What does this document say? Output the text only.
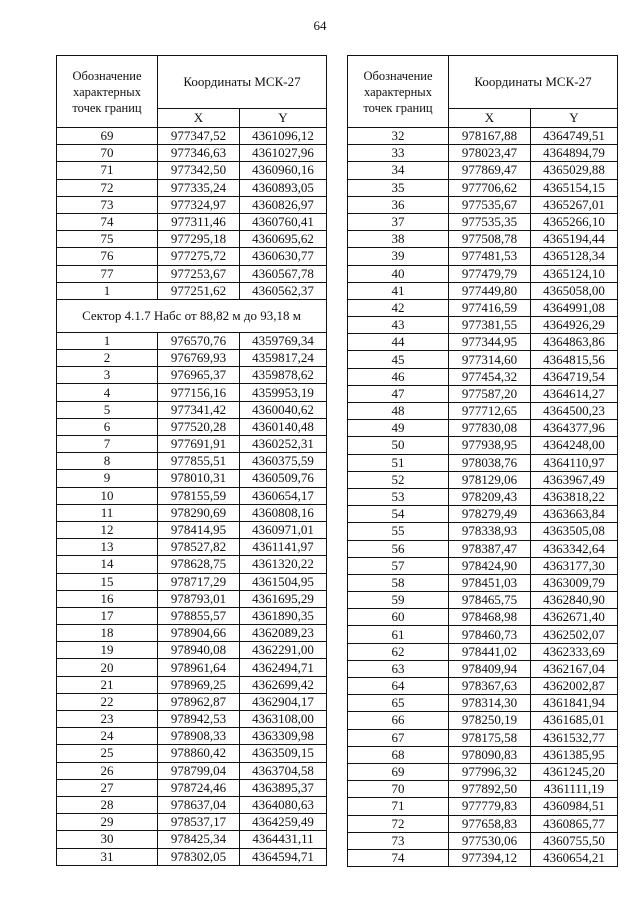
64
Обозначение характерных точек границ	Координаты МСК-27	
	X	Y
69	977347,52	4361096,12
70	977346,63	4361027,96
71	977342,50	4360960,16
72	977335,24	4360893,05
73	977324,97	4360826,97
74	977311,46	4360760,41
75	977295,18	4360695,62
76	977275,72	4360630,77
77	977253,67	4360567,78
1	977251,62	4360562,37
Сектор 4.1.7 Набс от 88,82 м до 93,18 м		
1	976570,76	4359769,34
2	976769,93	4359817,24
3	976965,37	4359878,62
4	977156,16	4359953,19
5	977341,42	4360040,62
6	977520,28	4360140,48
7	977691,91	4360252,31
8	977855,51	4360375,59
9	978010,31	4360509,76
10	978155,59	4360654,17
11	978290,69	4360808,16
12	978414,95	4360971,01
13	978527,82	4361141,97
14	978628,75	4361320,22
15	978717,29	4361504,95
16	978793,01	4361695,29
17	978855,57	4361890,35
18	978904,66	4362089,23
19	978940,08	4362291,00
20	978961,64	4362494,71
21	978969,25	4362699,42
22	978962,87	4362904,17
23	978942,53	4363108,00
24	978908,33	4363309,98
25	978860,42	4363509,15
26	978799,04	4363704,58
27	978724,46	4363895,37
28	978637,04	4364080,63
29	978537,17	4364259,49
30	978425,34	4364431,11
31	978302,05	4364594,71
Обозначение характерных точек границ	Координаты МСК-27	
	X	Y
32	978167,88	4364749,51
33	978023,47	4364894,79
34	977869,47	4365029,88
35	977706,62	4365154,15
36	977535,67	4365267,01
37	977535,35	4365266,10
38	977508,78	4365194,44
39	977481,53	4365128,34
40	977479,79	4365124,10
41	977449,80	4365058,00
42	977416,59	4364991,08
43	977381,55	4364926,29
44	977344,95	4364863,86
45	977314,60	4364815,56
46	977454,32	4364719,54
47	977587,20	4364614,27
48	977712,65	4364500,23
49	977830,08	4364377,96
50	977938,95	4364248,00
51	978038,76	4364110,97
52	978129,06	4363967,49
53	978209,43	4363818,22
54	978279,49	4363663,84
55	978338,93	4363505,08
56	978387,47	4363342,64
57	978424,90	4363177,30
58	978451,03	4363009,79
59	978465,75	4362840,90
60	978468,98	4362671,40
61	978460,73	4362502,07
62	978441,02	4362333,69
63	978409,94	4362167,04
64	978367,63	4362002,87
65	978314,30	4361841,94
66	978250,19	4361685,01
67	978175,58	4361532,77
68	978090,83	4361385,95
69	977996,32	4361245,20
70	977892,50	4361111,19
71	977779,83	4360984,51
72	977658,83	4360865,77
73	977530,06	4360755,50
74	977394,12	4360654,21
